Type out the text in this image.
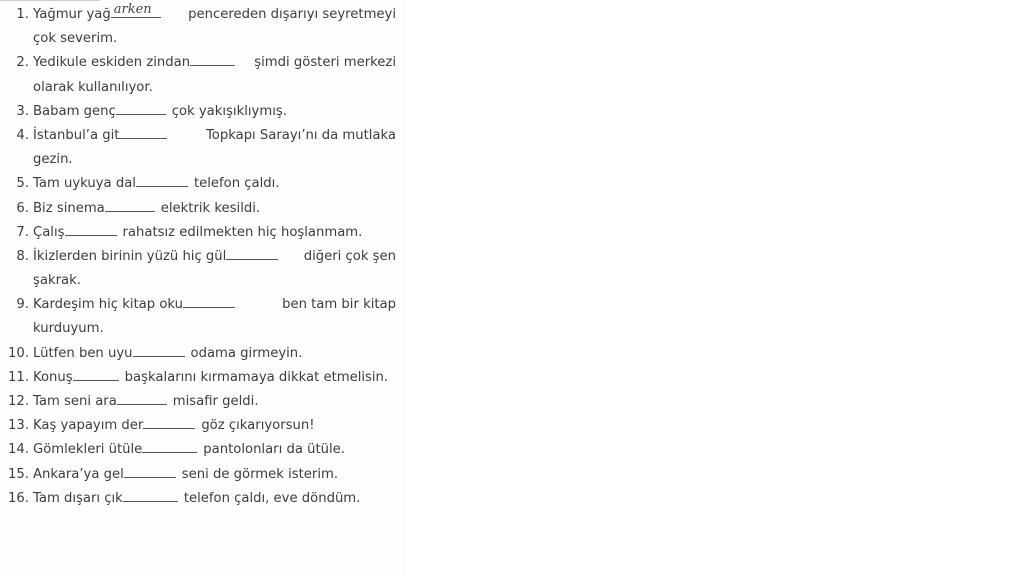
1. Yağmur yağ arken	pencereden dışarıyı seyretmeyi
çok severim.
2. Yedikule eskiden zindan	şimdi gösteri merkezi
olarak kullanılıyor.
3. Babam genç	çok yakışıklıymış.
4. İstanbul’a git	Topkapı Sarayı’nı da mutlaka
gezin.
5. Tam uykuya dal	telefon çaldı.
6. Biz sinema	elektrik kesildi.
7. Çalış	rahatsız edilmekten hiç hoşlanmam.
8. İkizlerden birinin yüzü hiç gül	diğeri çok şen
şakrak.
9. Kardeşim hiç kitap oku	ben tam bir kitap
kurduyum.
10. Lütfen ben uyu	odama girmeyin.
11. Konuş	başkalarını kırmamaya dikkat etmelisin.
12. Tam seni ara	misafir geldi.
13. Kaş yapayım der	göz çıkarıyorsun!
14. Gömlekleri ütüle	pantolonları da ütüle.
15. Ankara’ya gel	seni de görmek isterim.
16. Tam dışarı çık	telefon çaldı, eve döndüm.
